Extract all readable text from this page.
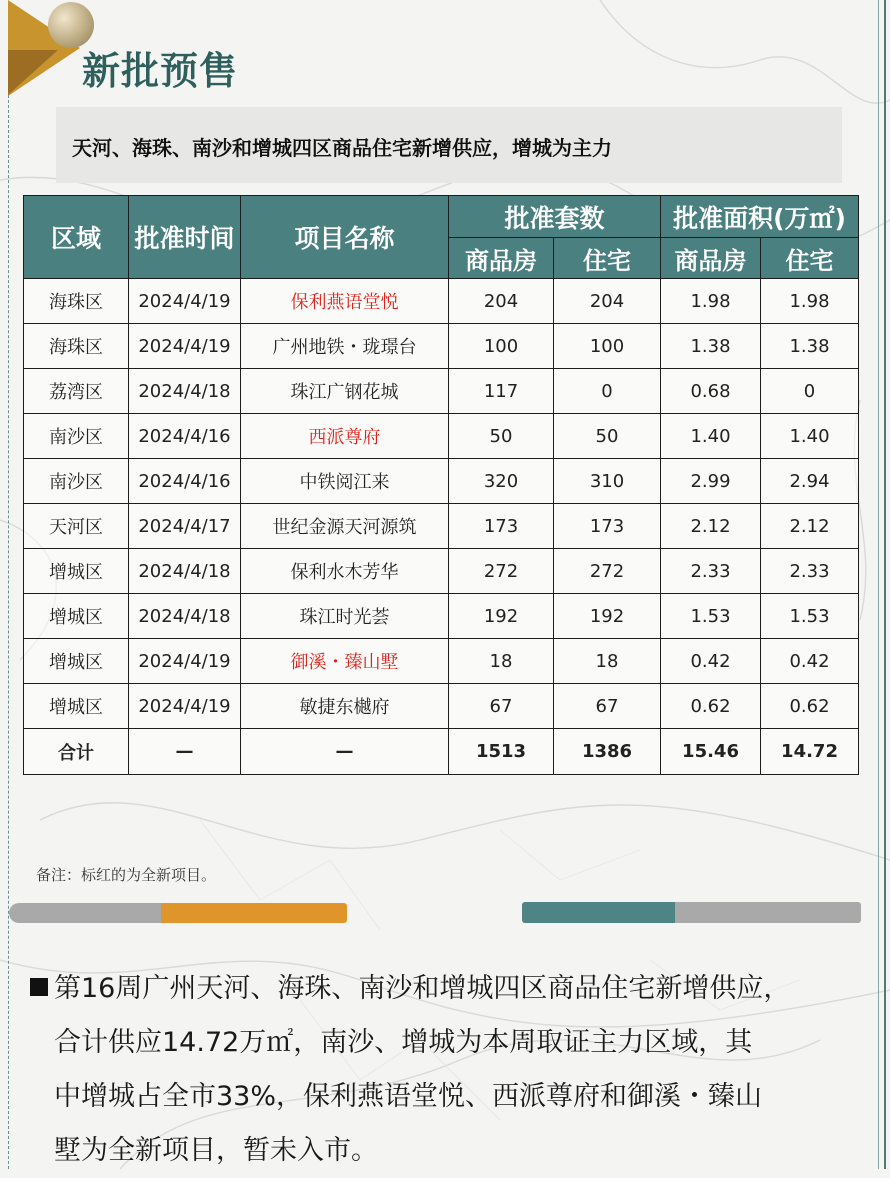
新批预售
天河、海珠、南沙和增城四区商品住宅新增供应，增城为主力
区域	批准时间	项目名称	批准套数		批准面积(万㎡)	
			商品房	住宅	商品房	住宅
海珠区	2024/4/19	保利燕语堂悦	204	204	1.98	1.98
海珠区	2024/4/19	广州地铁・珑璟台	100	100	1.38	1.38
荔湾区	2024/4/18	珠江广钢花城	117	0	0.68	0
南沙区	2024/4/16	西派尊府	50	50	1.40	1.40
南沙区	2024/4/16	中铁阅江来	320	310	2.99	2.94
天河区	2024/4/17	世纪金源天河源筑	173	173	2.12	2.12
增城区	2024/4/18	保利水木芳华	272	272	2.33	2.33
增城区	2024/4/18	珠江时光荟	192	192	1.53	1.53
增城区	2024/4/19	御溪・臻山墅	18	18	0.42	0.42
增城区	2024/4/19	敏捷东樾府	67	67	0.62	0.62
合计	—	—	1513	1386	15.46	14.72
备注：标红的为全新项目。
第16周广州天河、海珠、南沙和增城四区商品住宅新增供应，
合计供应14.72万㎡，南沙、增城为本周取证主力区域，其
中增城占全市33%，保利燕语堂悦、西派尊府和御溪・臻山
墅为全新项目，暂未入市。
